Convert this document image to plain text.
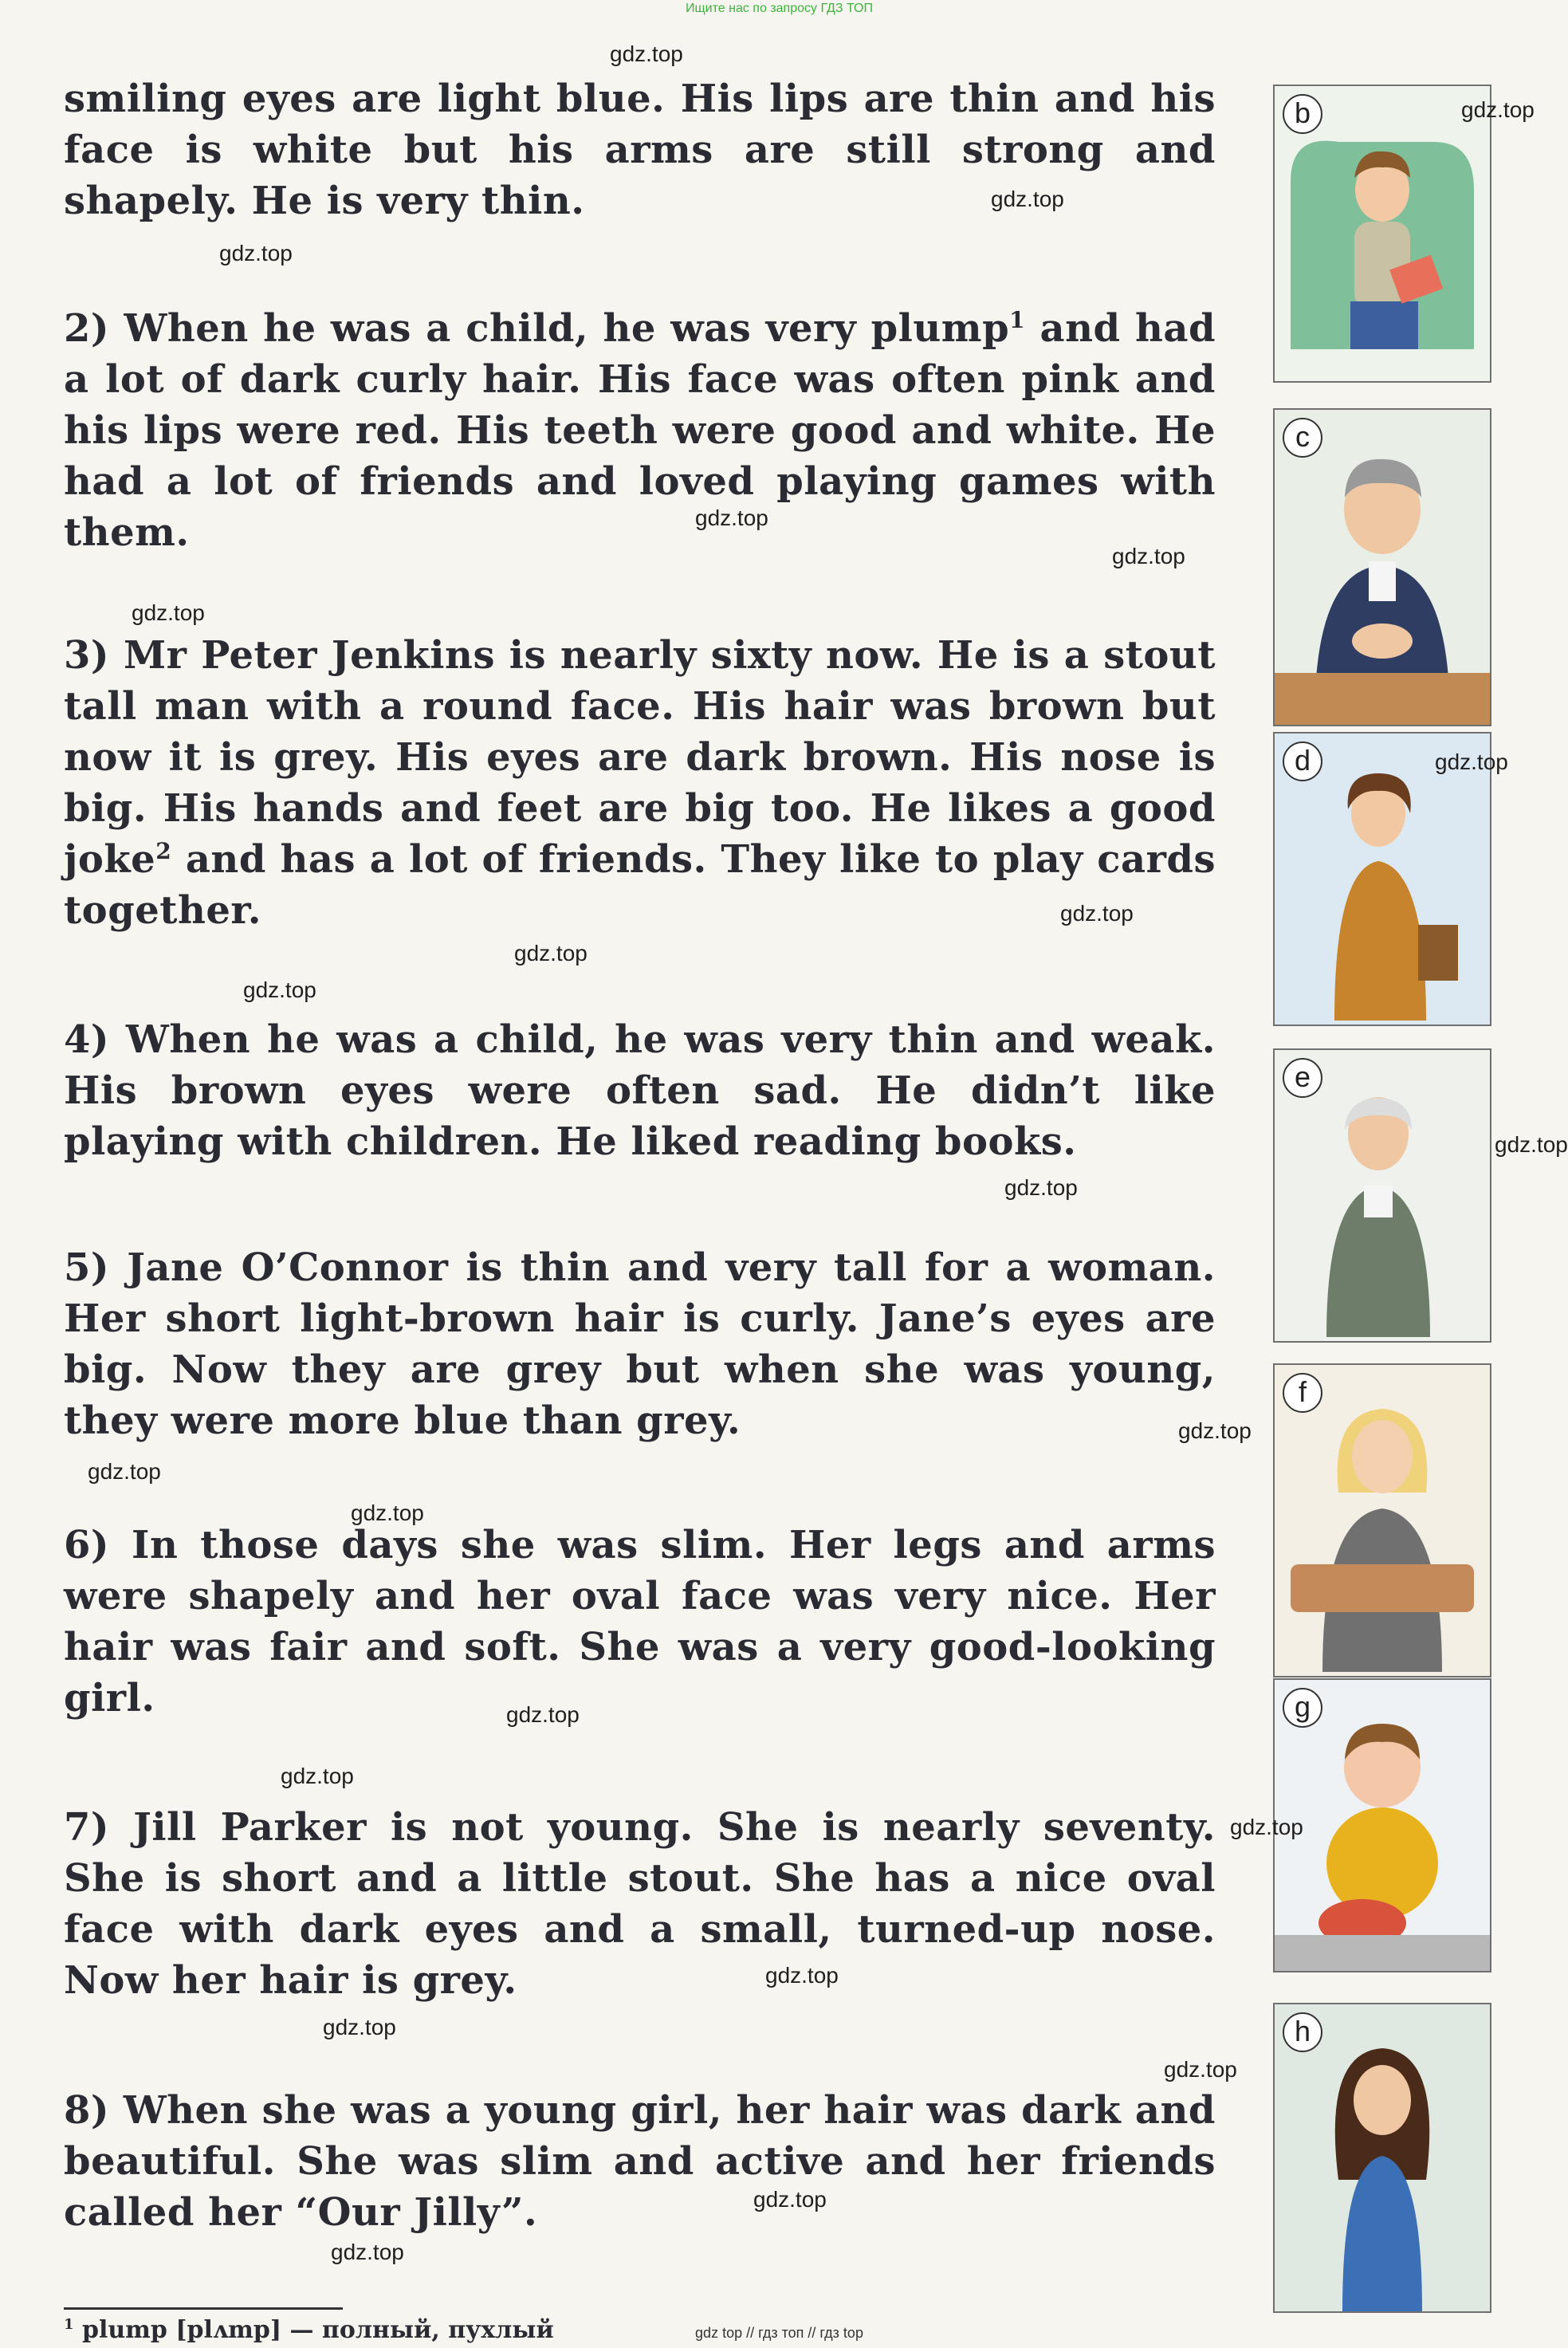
Ищите нас по запросу ГДЗ ТОП

smiling eyes are light blue. His lips are thin and his face is white but his arms are still strong and shapely. He is very thin.

2) When he was a child, he was very plump$^1$ and had a lot of dark curly hair. His face was often pink and his lips were red. His teeth were good and white. He had a lot of friends and loved playing games with them.

3) Mr Peter Jenkins is nearly sixty now. He is a stout tall man with a round face. His hair was brown but now it is grey. His eyes are dark brown. His nose is big. His hands and feet are big too. He likes a good joke$^2$ and has a lot of friends. They like to play cards together.

4) When he was a child, he was very thin and weak. His brown eyes were often sad. He didn’t like playing with children. He liked reading books.

5) Jane O’Connor is thin and very tall for a woman. Her short light-brown hair is curly. Jane’s eyes are big. Now they are grey but when she was young, they were more blue than grey.

6) In those days she was slim. Her legs and arms were shapely and her oval face was very nice. Her hair was fair and soft. She was a very good-looking girl.

7) Jill Parker is not young. She is nearly seventy. She is short and a little stout. She has a nice oval face with dark eyes and a small, turned-up nose. Now her hair is grey.

8) When she was a young girl, her hair was dark and beautiful. She was slim and active and her friends called her “Our Jilly”.

b
c
d
e
f
g
h
gdz.top
gdz.top
gdz.top
gdz.top
gdz.top
gdz.top
gdz.top
gdz.top
gdz.top
gdz.top
gdz.top
gdz.top
gdz.top
gdz.top
gdz.top
gdz.top
gdz.top
gdz.top
gdz.top
gdz.top
gdz.top
gdz.top
gdz.top
gdz.top
$^1$ plump [plʌmp] — полный, пухлый	gdz top // гдз топ // гдз top
